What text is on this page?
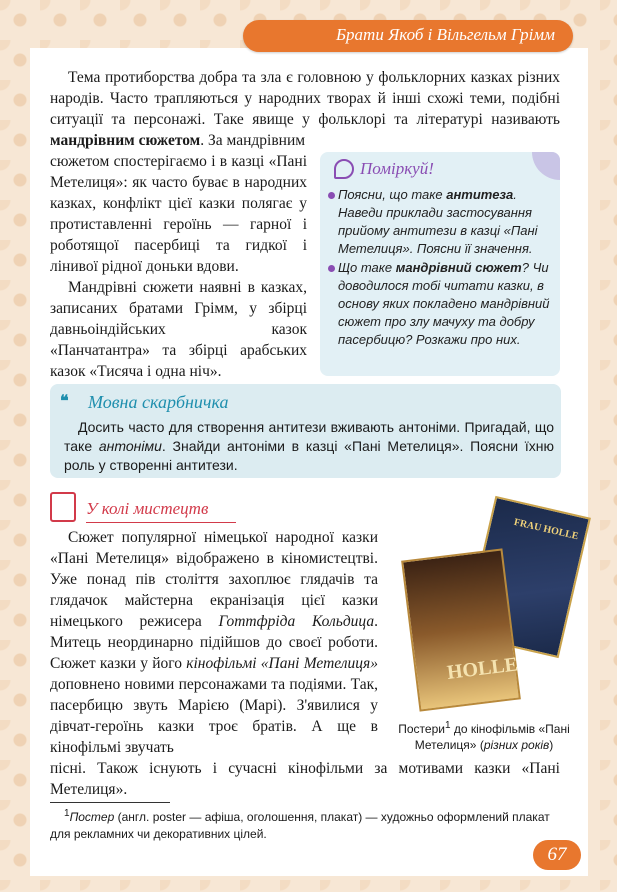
Брати Якоб і Вільгельм Грімм
Тема протиборства добра та зла є головною у фольклорних казках різних народів. Часто трапляються у народних творах й інші схожі теми, подібні ситуації та персонажі. Таке явище у фольклорі та літературі називають мандрівним сюжетом. За мандрівним
сюжетом спостерігаємо і в казці «Пані Метелиця»: як часто буває в народних казках, конфлікт цієї казки полягає у протиставленні героїнь — гарної і роботящої пасербиці та гидкої і лінивої рідної доньки вдови.
Мандрівні сюжети наявні в казках, записаних братами Грімм, у збірці давньоіндійських казок «Панчатантра» та збірці арабських казок «Тисяча і одна ніч».
Поміркуй!
Поясни, що таке антитеза. Наведи приклади застосування прийому антитези в казці «Пані Метелиця». Поясни її значення.
Що таке мандрівний сюжет? Чи доводилося тобі читати казки, в основу яких покладено мандрівний сюжет про злу мачуху та добру пасербицю? Розкажи про них.
❝	Мовна скарбничка
Досить часто для створення антитези вживають антоніми. Пригадай, що таке антоніми. Знайди антоніми в казці «Пані Метелиця». Поясни їхню роль у створенні антитези.
У колі мистецтв
Сюжет популярної німецької народної казки «Пані Метелиця» відображено в кіномистецтві. Уже понад пів століття захоплює глядачів та глядачок майстерна екранізація цієї казки німецького режисера Готтфріда Кольдица. Митець неординарно підійшов до своєї роботи. Сюжет казки у його кінофільмі «Пані Метелиця» доповнено новими персонажами та подіями. Так, пасербицю звуть Марією (Марі). З'явилися у дівчат-героїнь казки троє братів. А ще в кінофільмі звучать
пісні. Також існують і сучасні кінофільми за мотивами казки «Пані Метелиця».
FRAU HOLLE
HOLLE
Постери$^1$ до кінофільмів «Пані Метелиця» (різних років)
$^1$Постер (англ. poster — афіша, оголошення, плакат) — художньо оформлений плакат для рекламних чи декоративних цілей.
67
